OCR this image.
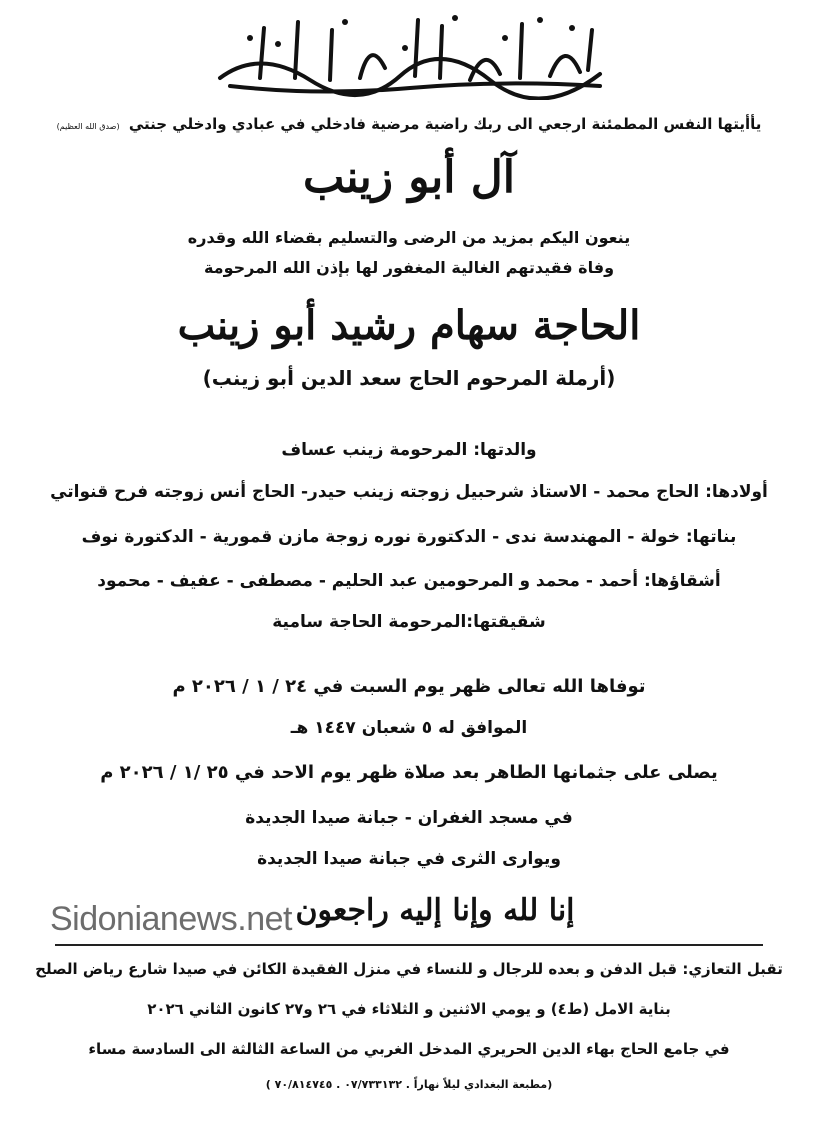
يأأيتها النفس المطمئنة ارجعي الى ربك راضية مرضية فادخلي في عبادي وادخلي جنتي (صدق الله العظيم)
آل أبو زينب
ينعون اليكم بمزيد من الرضى والتسليم بقضاء الله وقدره
وفاة فقيدتهم الغالية المغفور لها بإذن الله المرحومة
الحاجة سهام رشيد أبو زينب
(أرملة المرحوم الحاج سعد الدين أبو زينب)
والدتها: المرحومة زينب عساف
أولادها: الحاج محمد - الاستاذ شرحبيل زوجته زينب حيدر- الحاج أنس زوجته فرح قنواتي
بناتها: خولة - المهندسة ندى - الدكتورة نوره زوجة مازن قمورية - الدكتورة نوف
أشقاؤها: أحمد - محمد و المرحومين عبد الحليم - مصطفى - عفيف - محمود
شقيقتها:المرحومة الحاجة سامية
توفاها الله تعالى ظهر يوم السبت في ٢٤ / ١ / ٢٠٢٦ م
الموافق له ٥ شعبان ١٤٤٧ هـ
يصلى على جثمانها الطاهر بعد صلاة ظهر يوم الاحد في ٢٥ /١ / ٢٠٢٦ م
في مسجد الغفران - جبانة صيدا الجديدة
ويوارى الثرى في جبانة صيدا الجديدة
إنا لله وإنا إليه راجعون
Sidonianews.net
تقبل التعازي: قبل الدفن و بعده للرجال و للنساء في منزل الفقيدة الكائن في صيدا شارع رياض الصلح
بناية الامل (ط٤) و يومي الاثنين و الثلاثاء في ٢٦ و٢٧ كانون الثاني ٢٠٢٦
في جامع الحاج بهاء الدين الحريري المدخل الغربي من الساعة الثالثة الى السادسة مساء
(مطبعة البغدادي ليلاً نهاراً . ٠٧/٧٣٣١٣٢ . ٧٠/٨١٤٧٤٥ )
